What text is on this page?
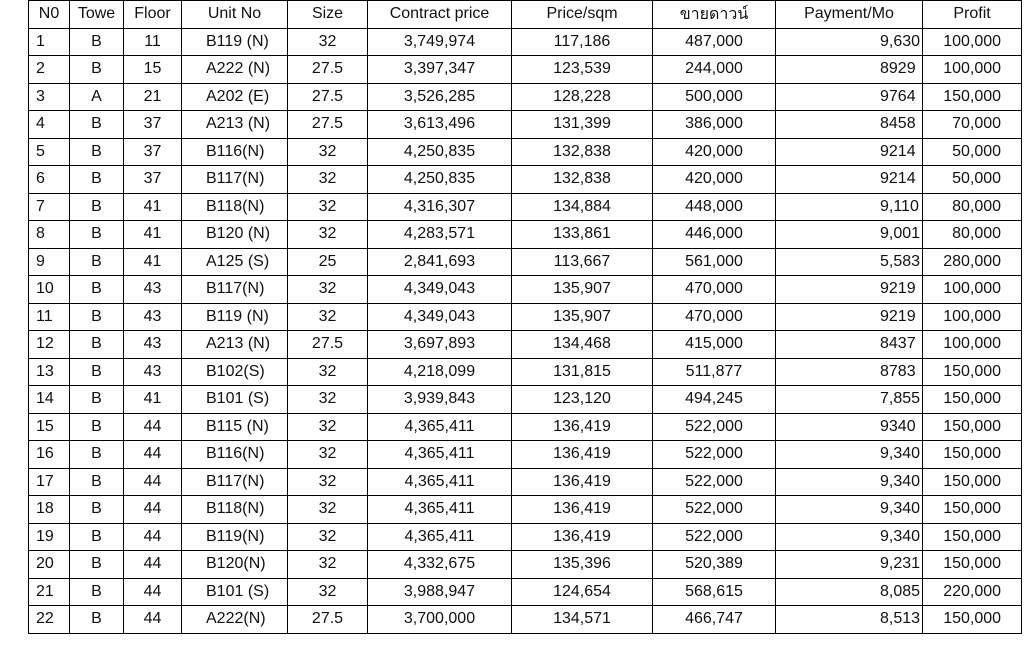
N0	Towe	Floor	Unit No	Size	Contract price	Price/sqm	ขายดาวน์	Payment/Mo	Profit
1	B	11	B119 (N)	32	3,749,974	117,186	487,000	9,630	100,000
2	B	15	A222 (N)	27.5	3,397,347	123,539	244,000	8929	100,000
3	A	21	A202 (E)	27.5	3,526,285	128,228	500,000	9764	150,000
4	B	37	A213 (N)	27.5	3,613,496	131,399	386,000	8458	70,000
5	B	37	B116(N)	32	4,250,835	132,838	420,000	9214	50,000
6	B	37	B117(N)	32	4,250,835	132,838	420,000	9214	50,000
7	B	41	B118(N)	32	4,316,307	134,884	448,000	9,110	80,000
8	B	41	B120 (N)	32	4,283,571	133,861	446,000	9,001	80,000
9	B	41	A125 (S)	25	2,841,693	113,667	561,000	5,583	280,000
10	B	43	B117(N)	32	4,349,043	135,907	470,000	9219	100,000
11	B	43	B119 (N)	32	4,349,043	135,907	470,000	9219	100,000
12	B	43	A213 (N)	27.5	3,697,893	134,468	415,000	8437	100,000
13	B	43	B102(S)	32	4,218,099	131,815	511,877	8783	150,000
14	B	41	B101 (S)	32	3,939,843	123,120	494,245	7,855	150,000
15	B	44	B115 (N)	32	4,365,411	136,419	522,000	9340	150,000
16	B	44	B116(N)	32	4,365,411	136,419	522,000	9,340	150,000
17	B	44	B117(N)	32	4,365,411	136,419	522,000	9,340	150,000
18	B	44	B118(N)	32	4,365,411	136,419	522,000	9,340	150,000
19	B	44	B119(N)	32	4,365,411	136,419	522,000	9,340	150,000
20	B	44	B120(N)	32	4,332,675	135,396	520,389	9,231	150,000
21	B	44	B101 (S)	32	3,988,947	124,654	568,615	8,085	220,000
22	B	44	A222(N)	27.5	3,700,000	134,571	466,747	8,513	150,000
